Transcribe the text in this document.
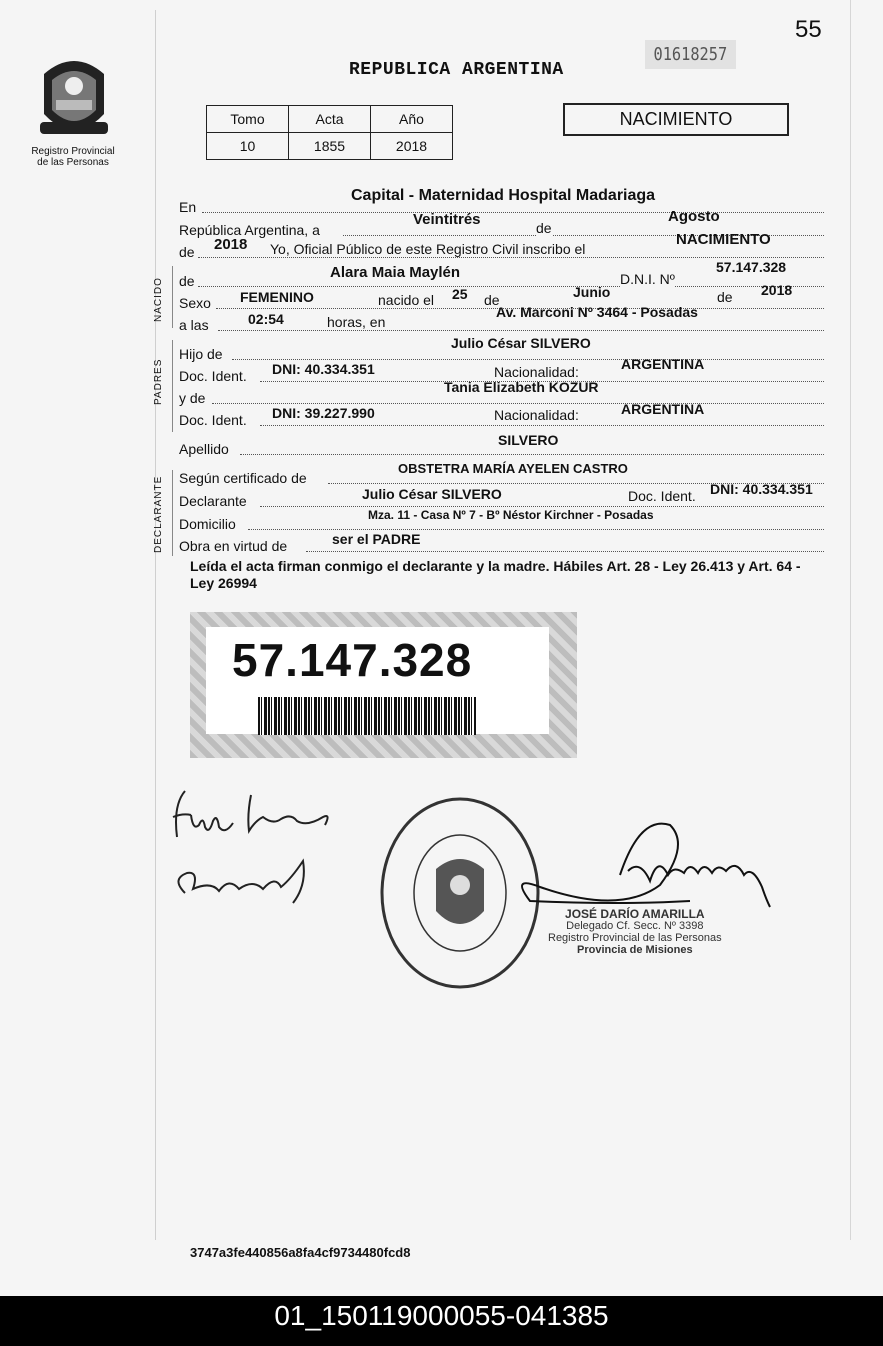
55
Registro Provincial
de las Personas
REPUBLICA ARGENTINA
01618257
Tomo	Acta	Año
10	1855	2018
NACIMIENTO
En
Capital - Maternidad Hospital Madariaga
República Argentina, a
Veintitrés	de
Agosto
de 2018 Yo, Oficial Público de este Registro Civil inscribo el
NACIMIENTO
NACIDO de	Alara Maia Maylén	D.N.I. Nº
57.147.328
Sexo FEMENINO	nacido el 25 de	Junio	de 2018
a las	02:54	horas, en
Av. Marconi Nº 3464 - Posadas
PADRES
Hijo de
Julio César SILVERO
Doc. Ident. DNI: 40.334.351	Nacionalidad:	ARGENTINA
y de
Tania Elizabeth KOZUR
Doc. Ident. DNI: 39.227.990	Nacionalidad:	ARGENTINA
Apellido
SILVERO
DECLARANTE Según certificado de
OBSTETRA MARÍA AYELEN CASTRO
Declarante	Julio César SILVERO	Doc. Ident. DNI: 40.334.351
Domicilio
Mza. 11 - Casa Nº 7 - Bº Néstor Kirchner - Posadas
Obra en virtud de	ser el PADRE
Leída el acta firman conmigo el declarante y la madre. Hábiles Art. 28 - Ley 26.413 y Art. 64 - Ley 26994
57.147.328
JOSÉ DARÍO AMARILLA
Delegado Cf. Secc. Nº 3398
Registro Provincial de las Personas
Provincia de Misiones
3747a3fe440856a8fa4cf9734480fcd8
01_150119000055-041385
